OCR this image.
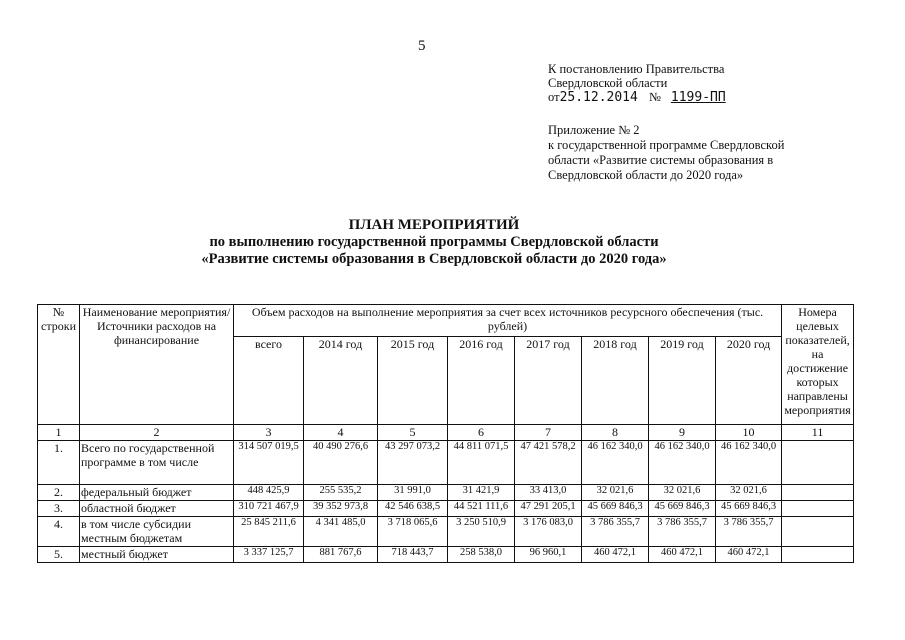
5
К постановлению Правительства
Свердловской области
от25.12.2014 № 1199-ПП
Приложение № 2
к государственной программе Свердловской
области «Развитие системы образования в
Свердловской области до 2020 года»
ПЛАН МЕРОПРИЯТИЙ
по выполнению государственной программы Свердловской области
«Развитие системы образования в Свердловской области до 2020 года»
№ строки	Наименование мероприятия/ Источники расходов на финансирование	Объем расходов на выполнение мероприятия за счет всех источников ресурсного обеспечения (тыс. рублей)								Номера целевых показателей, на достижение которых направлены мероприятия
		всего	2014 год	2015 год	2016 год	2017 год	2018 год	2019 год	2020 год	
1	2	3	4	5	6	7	8	9	10	11
1.	Всего по государственной программе в том числе	314 507 019,5	40 490 276,6	43 297 073,2	44 811 071,5	47 421 578,2	46 162 340,0	46 162 340,0	46 162 340,0	
2.	федеральный бюджет	448 425,9	255 535,2	31 991,0	31 421,9	33 413,0	32 021,6	32 021,6	32 021,6	
3.	областной бюджет	310 721 467,9	39 352 973,8	42 546 638,5	44 521 111,6	47 291 205,1	45 669 846,3	45 669 846,3	45 669 846,3	
4.	в том числе субсидии местным бюджетам	25 845 211,6	4 341 485,0	3 718 065,6	3 250 510,9	3 176 083,0	3 786 355,7	3 786 355,7	3 786 355,7	
5.	местный бюджет	3 337 125,7	881 767,6	718 443,7	258 538,0	96 960,1	460 472,1	460 472,1	460 472,1	
